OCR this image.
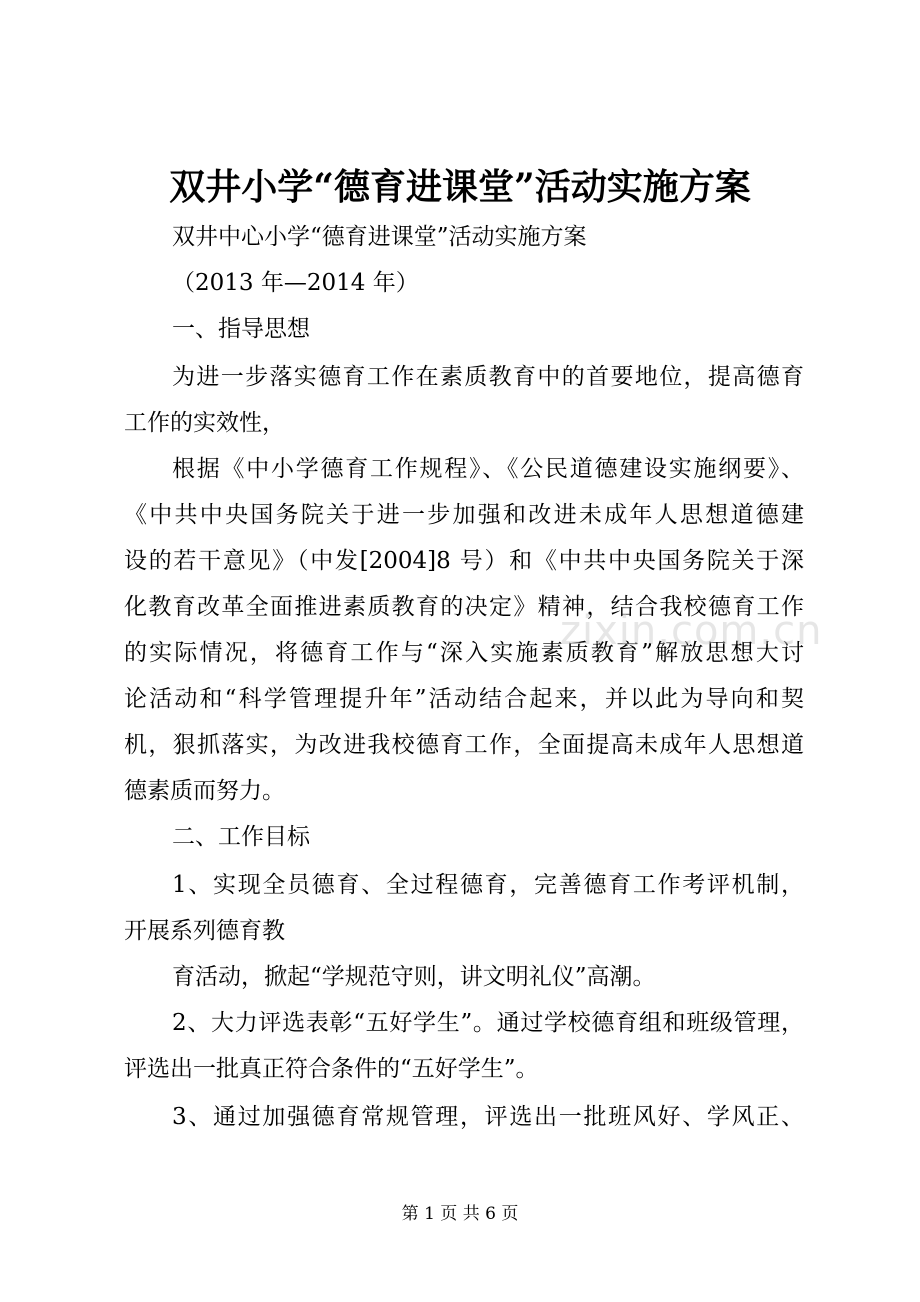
双井小学“德育进课堂”活动实施方案

双井中心小学“德育进课堂”活动实施方案

（2013 年—2014 年）

一、指导思想

为进一步落实德育工作在素质教育中的首要地位，提高德育

工作的实效性，

根据《中小学德育工作规程》、《公民道德建设实施纲要》、

《中共中央国务院关于进一步加强和改进未成年人思想道德建

设的若干意见》（中发[2004]8 号）和《中共中央国务院关于深

化教育改革全面推进素质教育的决定》精神，结合我校德育工作

的实际情况，将德育工作与“深入实施素质教育”解放思想大讨

论活动和“科学管理提升年”活动结合起来，并以此为导向和契

机，狠抓落实，为改进我校德育工作，全面提高未成年人思想道

德素质而努力。

二、工作目标

1、实现全员德育、全过程德育，完善德育工作考评机制，

开展系列德育教

育活动，掀起“学规范守则，讲文明礼仪”高潮。

2、大力评选表彰“五好学生”。通过学校德育组和班级管理，

评选出一批真正符合条件的“五好学生”。

3、通过加强德育常规管理，评选出一批班风好、学风正、

zixin.com.cn
第 1 页 共 6 页
